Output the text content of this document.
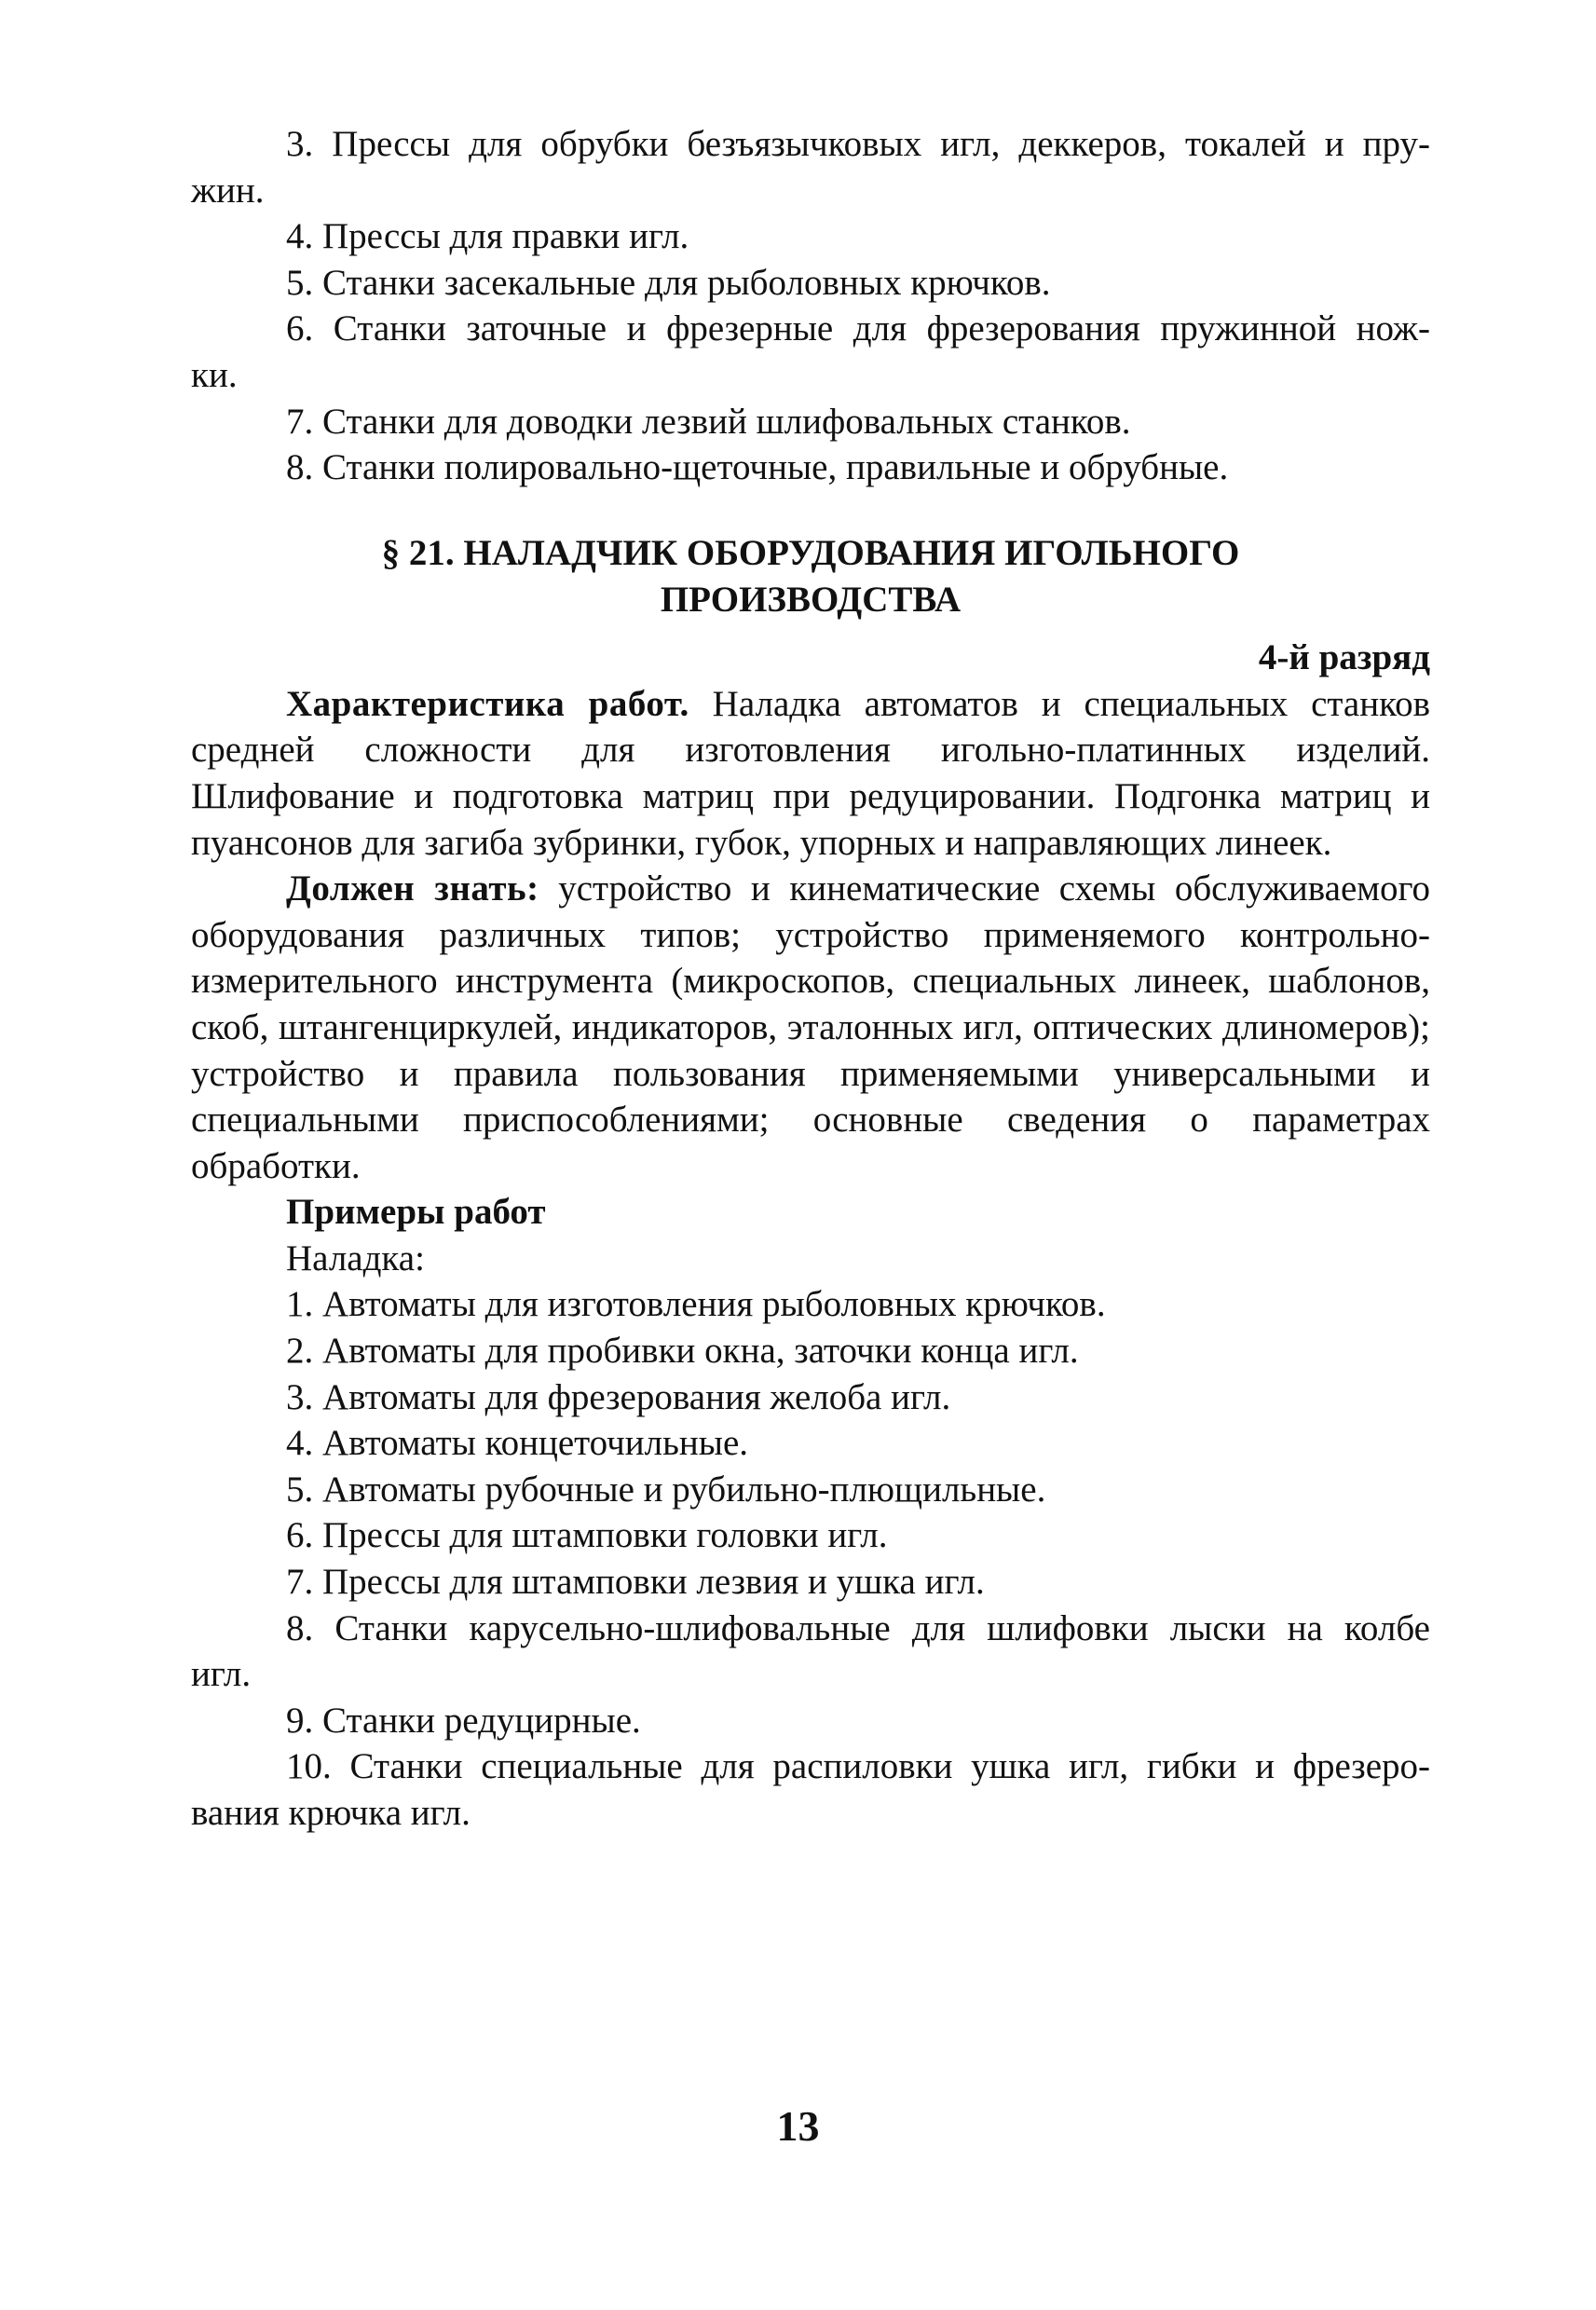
3. Прессы для обрубки безъязычковых игл, деккеров, токалей и пру-

жин.

4. Прессы для правки игл.

5. Станки засекальные для рыболовных крючков.

6. Станки заточные и фрезерные для фрезерования пружинной нож-

ки.

7. Станки для доводки лезвий шлифовальных станков.

8. Станки полировально-щеточные, правильные и обрубные.

§ 21. НАЛАДЧИК ОБОРУДОВАНИЯ ИГОЛЬНОГО
ПРОИЗВОДСТВА
4-й разряд

Характеристика работ. Наладка автоматов и специальных станков средней сложности для изготовления игольно-платинных изделий. Шлифование и подготовка матриц при редуцировании. Подгонка матриц и пуансонов для загиба зубринки, губок, упорных и направляющих линеек.

Должен знать: устройство и кинематические схемы обслуживаемого оборудования различных типов; устройство применяемого контрольно-измерительного инструмента (микроскопов, специальных линеек, шаблонов, скоб, штангенциркулей, индикаторов, эталонных игл, оптических длиномеров); устройство и правила пользования применяемыми универсальными и специальными приспособлениями; основные сведения о параметрах обработки.

Примеры работ

Наладка:

1. Автоматы для изготовления рыболовных крючков.

2. Автоматы для пробивки окна, заточки конца игл.

3. Автоматы для фрезерования желоба игл.

4. Автоматы концеточильные.

5. Автоматы рубочные и рубильно-плющильные.

6. Прессы для штамповки головки игл.

7. Прессы для штамповки лезвия и ушка игл.

8. Станки карусельно-шлифовальные для шлифовки лыски на колбе

игл.

9. Станки редуцирные.

10. Станки специальные для распиловки ушка игл, гибки и фрезеро-

вания крючка игл.

13
